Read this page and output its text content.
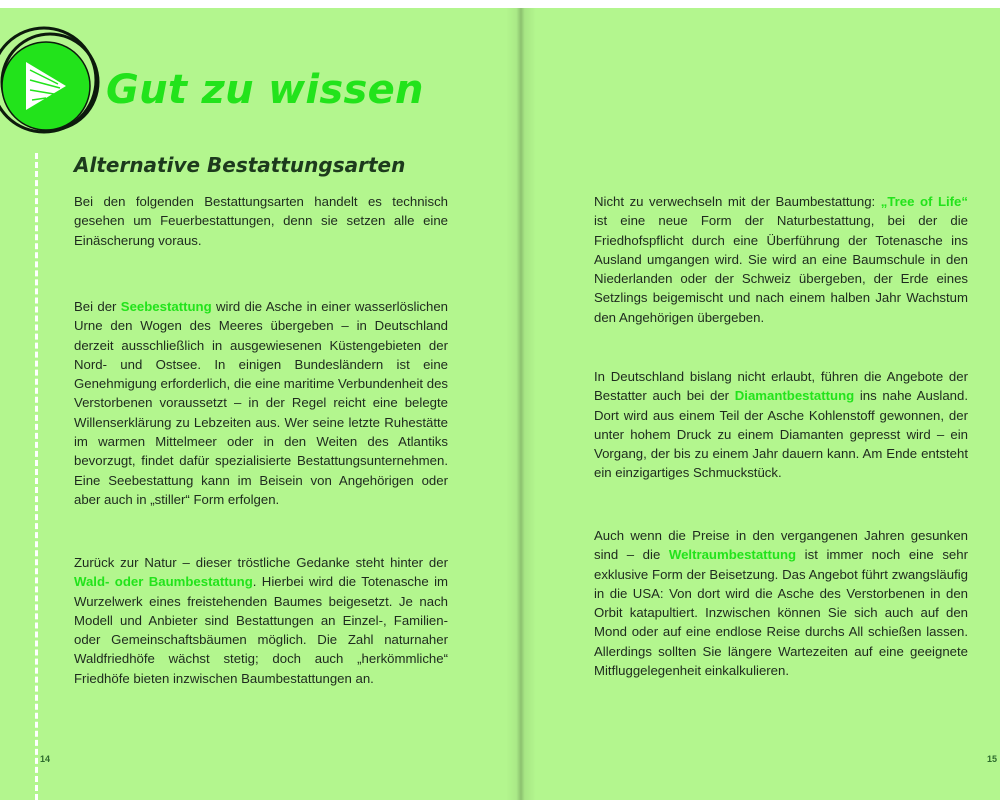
Gut zu wissen
Alternative Bestattungsarten

Bei den folgenden Bestattungsarten handelt es technisch gesehen um Feuerbestattungen, denn sie setzen alle eine Einäscherung voraus.

Bei der Seebestattung wird die Asche in einer wasserlöslichen Urne den Wogen des Meeres übergeben – in Deutschland derzeit ausschließlich in ausgewiesenen Küstengebieten der Nord- und Ostsee. In einigen Bundesländern ist eine Genehmigung erforderlich, die eine maritime Verbundenheit des Verstorbenen voraussetzt – in der Regel reicht eine belegte Willenserklärung zu Lebzeiten aus. Wer seine letzte Ruhestätte im warmen Mittelmeer oder in den Weiten des Atlantiks bevorzugt, findet dafür spezialisierte Bestattungsunternehmen. Eine Seebestattung kann im Beisein von Angehörigen oder aber auch in „stiller“ Form erfolgen.

Zurück zur Natur – dieser tröstliche Gedanke steht hinter der Wald- oder Baumbestattung. Hierbei wird die Totenasche im Wurzelwerk eines freistehenden Baumes beigesetzt. Je nach Modell und Anbieter sind Bestattungen an Einzel-, Familien- oder Gemeinschaftsbäumen möglich. Die Zahl naturnaher Waldfriedhöfe wächst stetig; doch auch „herkömmliche“ Friedhöfe bieten inzwischen Baumbestattungen an.

14

Nicht zu verwechseln mit der Baumbestattung: „Tree of Life“ ist eine neue Form der Naturbestattung, bei der die Friedhofspflicht durch eine Überführung der Totenasche ins Ausland umgangen wird. Sie wird an eine Baumschule in den Niederlanden oder der Schweiz übergeben, der Erde eines Setzlings beigemischt und nach einem halben Jahr Wachstum den Angehörigen übergeben.

In Deutschland bislang nicht erlaubt, führen die Angebote der Bestatter auch bei der Diamantbestattung ins nahe Ausland. Dort wird aus einem Teil der Asche Kohlenstoff gewonnen, der unter hohem Druck zu einem Diamanten gepresst wird – ein Vorgang, der bis zu einem Jahr dauern kann. Am Ende entsteht ein einzigartiges Schmuckstück.

Auch wenn die Preise in den vergangenen Jahren gesunken sind – die Weltraumbestattung ist immer noch eine sehr exklusive Form der Beisetzung. Das Angebot führt zwangsläufig in die USA: Von dort wird die Asche des Verstorbenen in den Orbit katapultiert. Inzwischen können Sie sich auch auf den Mond oder auf eine endlose Reise durchs All schießen lassen. Allerdings sollten Sie längere Wartezeiten auf eine geeignete Mitfluggelegenheit einkalkulieren.

15
